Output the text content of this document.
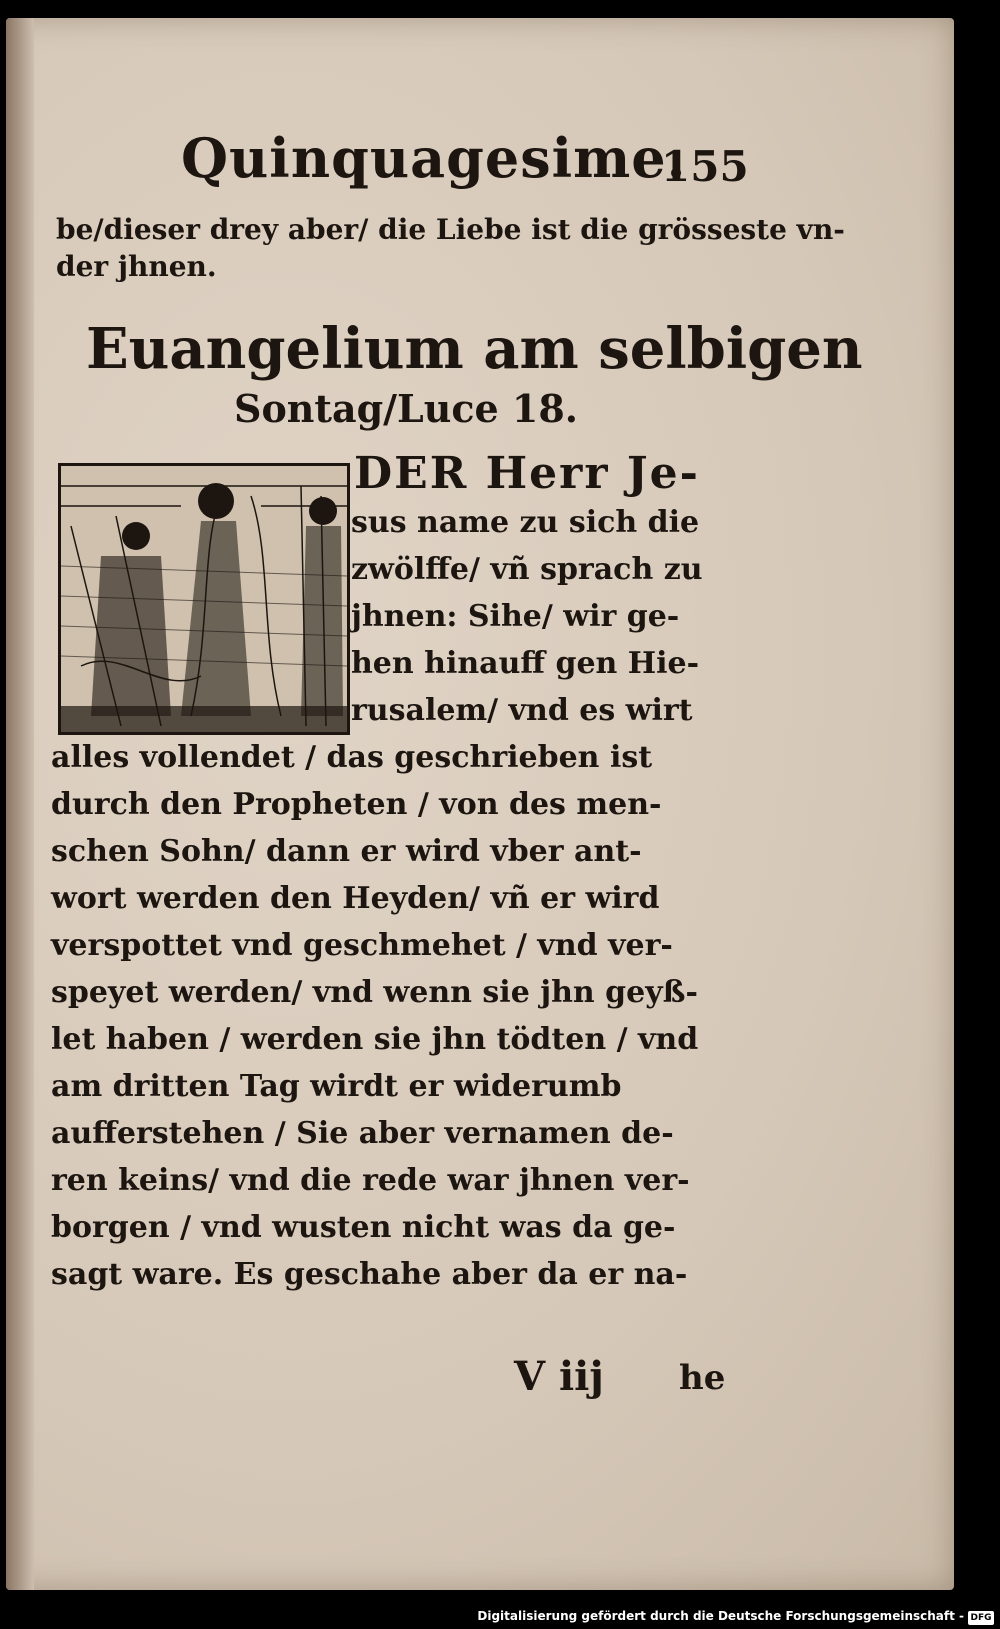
Quinquagesime.
155
be/dieser drey aber/ die Liebe ist die grösseste vn-
der jhnen.
Euangelium am selbigen
Sontag/Luce 18.
DER Herr Je-
sus name zu sich die
zwölffe/ vñ sprach zu
jhnen: Sihe/ wir ge-
hen hinauff gen Hie-
rusalem/ vnd es wirt
alles vollendet / das geschrieben ist
durch den Propheten / von des men-
schen Sohn/ dann er wird vber ant-
wort werden den Heyden/ vñ er wird
verspottet vnd geschmehet / vnd ver-
speyet werden/ vnd wenn sie jhn geyß-
let haben / werden sie jhn tödten / vnd
am dritten Tag wirdt er widerumb
aufferstehen / Sie aber vernamen de-
ren keins/ vnd die rede war jhnen ver-
borgen / vnd wusten nicht was da ge-
sagt ware. Es geschahe aber da er na-
V iij he
Digitalisierung gefördert durch die Deutsche Forschungsgemeinschaft - DFG
